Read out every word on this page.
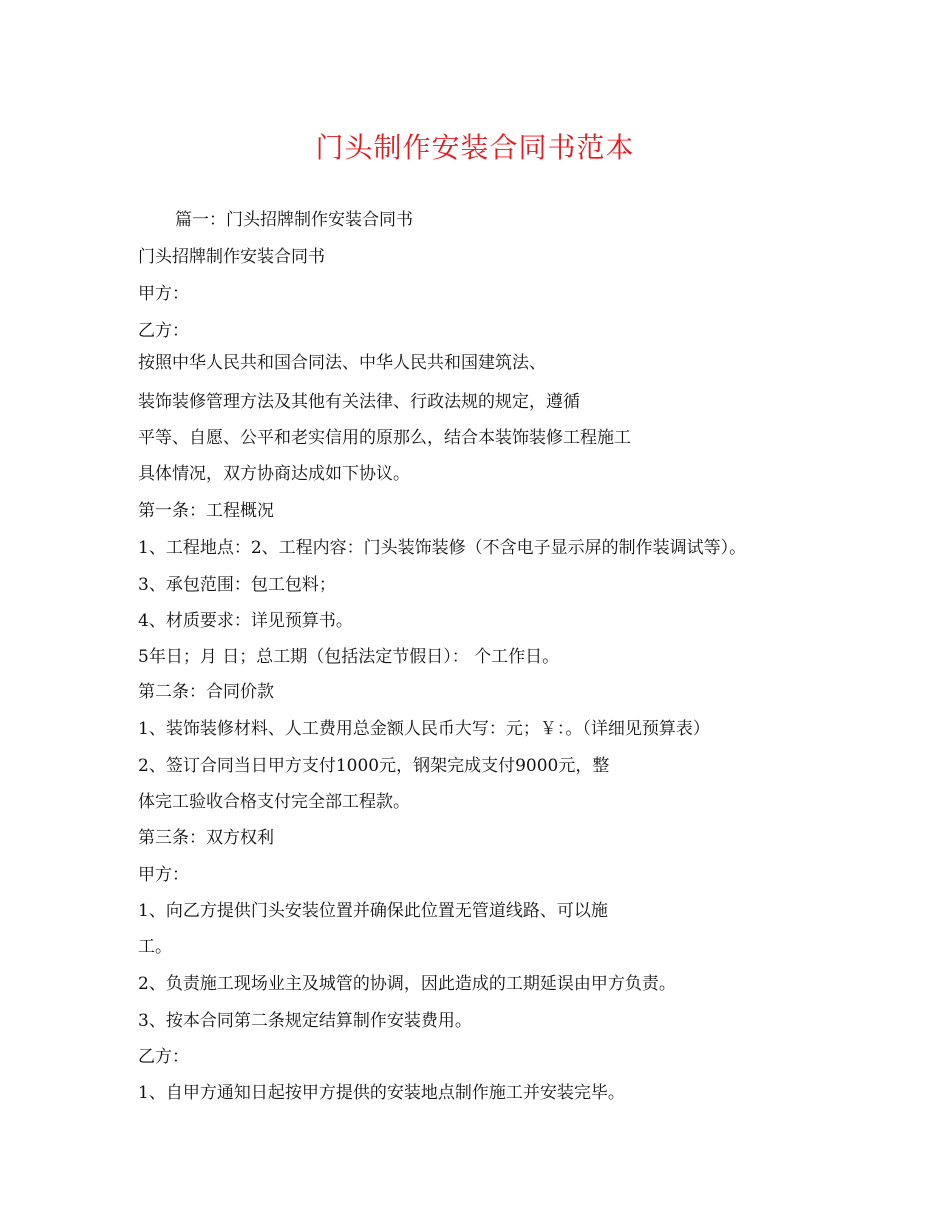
门头制作安装合同书范本
篇一：门头招牌制作安装合同书
门头招牌制作安装合同书
甲方：
乙方：
按照中华人民共和国合同法、中华人民共和国建筑法、
装饰装修管理方法及其他有关法律、行政法规的规定，遵循
平等、自愿、公平和老实信用的原那么，结合本装饰装修工程施工
具体情况，双方协商达成如下协议。
第一条：工程概况
1、工程地点：2、工程内容：门头装饰装修（不含电子显示屏的制作装调试等）。
3、承包范围：包工包料；
4、材质要求：详见预算书。
5年日；月 日；总工期（包括法定节假日）： 个工作日。
第二条：合同价款
1、装饰装修材料、人工费用总金额人民币大写：元；￥：。（详细见预算表）
2、签订合同当日甲方支付1000元，钢架完成支付9000元，整
体完工验收合格支付完全部工程款。
第三条：双方权利
甲方：
1、向乙方提供门头安装位置并确保此位置无管道线路、可以施
工。
2、负责施工现场业主及城管的协调，因此造成的工期延误由甲方负责。
3、按本合同第二条规定结算制作安装费用。
乙方：
1、自甲方通知日起按甲方提供的安装地点制作施工并安装完毕。
